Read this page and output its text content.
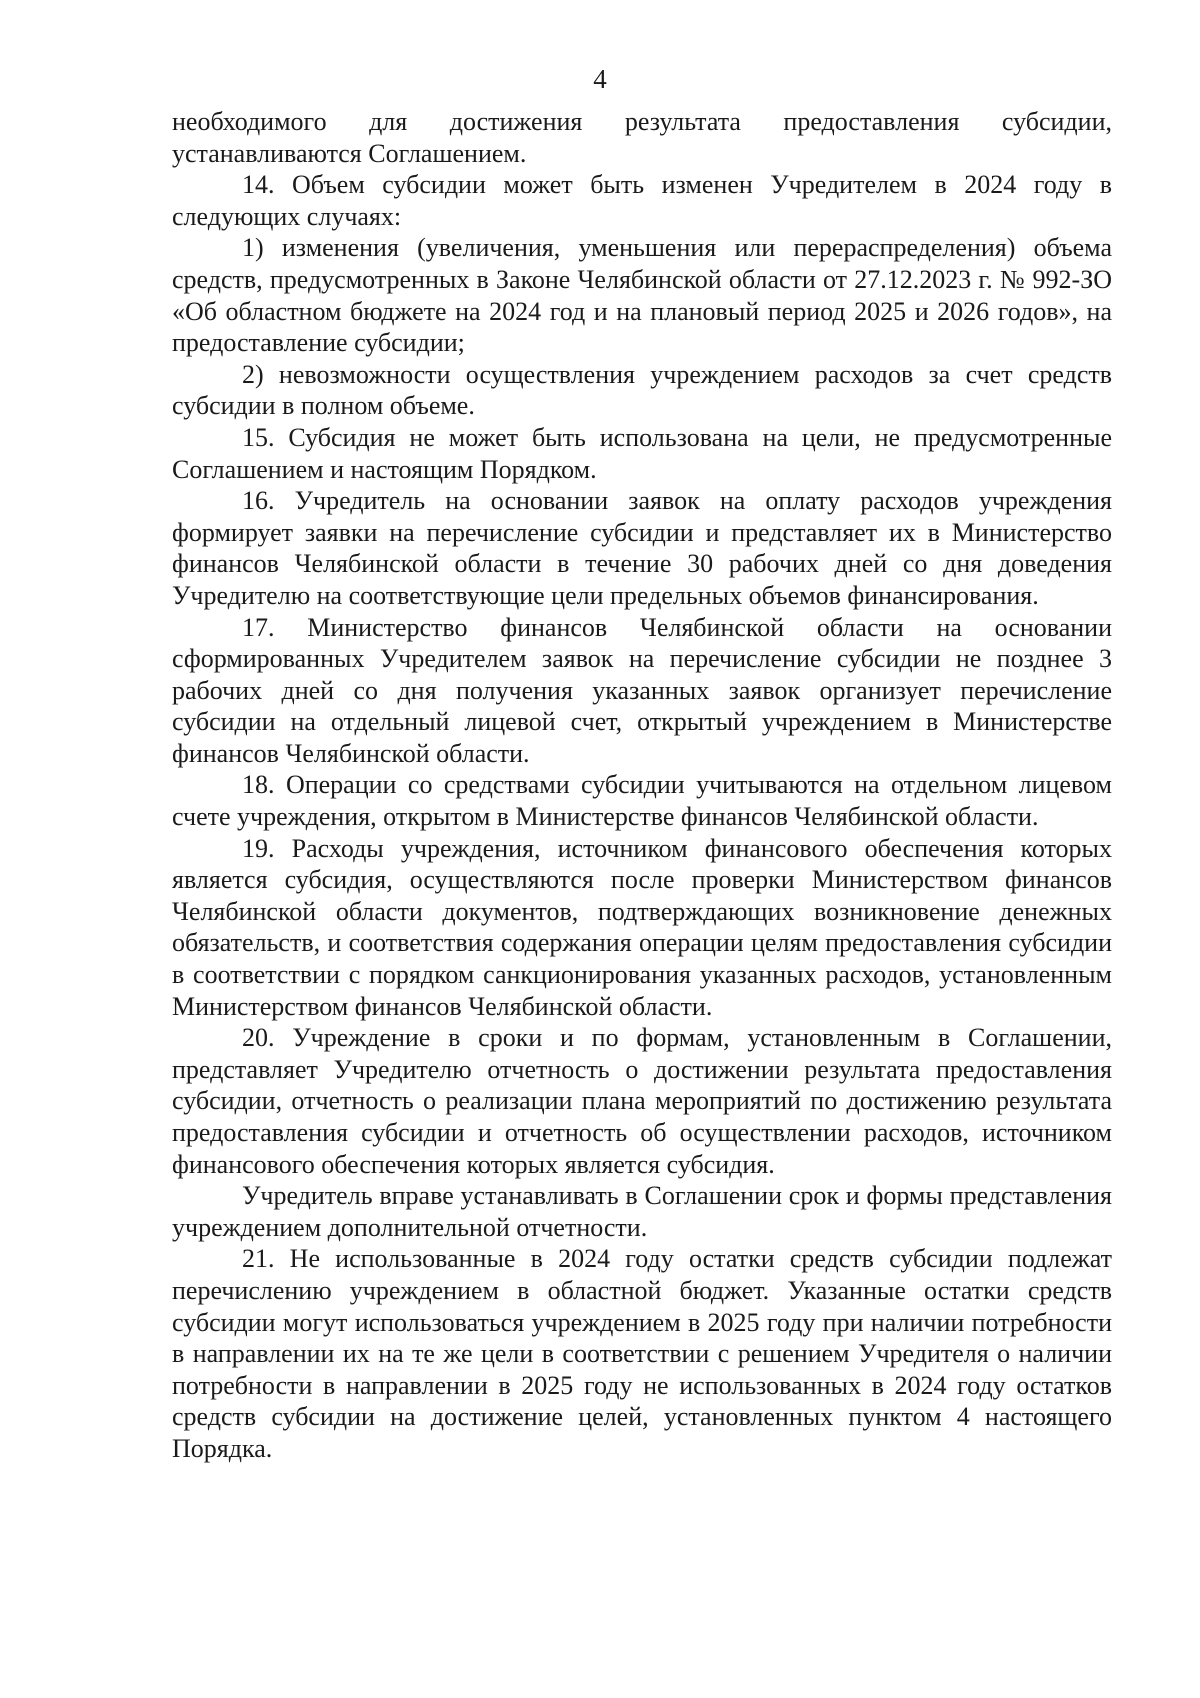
4

необходимого для достижения результата предоставления субсидии, устанавливаются Соглашением.

14. Объем субсидии может быть изменен Учредителем в 2024 году в следующих случаях:

1) изменения (увеличения, уменьшения или перераспределения) объема средств, предусмотренных в Законе Челябинской области от 27.12.2023 г. № 992-ЗО «Об областном бюджете на 2024 год и на плановый период 2025 и 2026 годов», на предоставление субсидии;

2) невозможности осуществления учреждением расходов за счет средств субсидии в полном объеме.

15. Субсидия не может быть использована на цели, не предусмотренные Соглашением и настоящим Порядком.

16. Учредитель на основании заявок на оплату расходов учреждения формирует заявки на перечисление субсидии и представляет их в Министерство финансов Челябинской области в течение 30 рабочих дней со дня доведения Учредителю на соответствующие цели предельных объемов финансирования.

17. Министерство финансов Челябинской области на основании сформированных Учредителем заявок на перечисление субсидии не позднее 3 рабочих дней со дня получения указанных заявок организует перечисление субсидии на отдельный лицевой счет, открытый учреждением в Министерстве финансов Челябинской области.

18. Операции со средствами субсидии учитываются на отдельном лицевом счете учреждения, открытом в Министерстве финансов Челябинской области.

19. Расходы учреждения, источником финансового обеспечения которых является субсидия, осуществляются после проверки Министерством финансов Челябинской области документов, подтверждающих возникновение денежных обязательств, и соответствия содержания операции целям предоставления субсидии в соответствии с порядком санкционирования указанных расходов, установленным Министерством финансов Челябинской области.

20. Учреждение в сроки и по формам, установленным в Соглашении, представляет Учредителю отчетность о достижении результата предоставления субсидии, отчетность о реализации плана мероприятий по достижению результата предоставления субсидии и отчетность об осуществлении расходов, источником финансового обеспечения которых является субсидия.

Учредитель вправе устанавливать в Соглашении срок и формы представления учреждением дополнительной отчетности.

21. Не использованные в 2024 году остатки средств субсидии подлежат перечислению учреждением в областной бюджет. Указанные остатки средств субсидии могут использоваться учреждением в 2025 году при наличии потребности в направлении их на те же цели в соответствии с решением Учредителя о наличии потребности в направлении в 2025 году не использованных в 2024 году остатков средств субсидии на достижение целей, установленных пунктом 4 настоящего Порядка.
